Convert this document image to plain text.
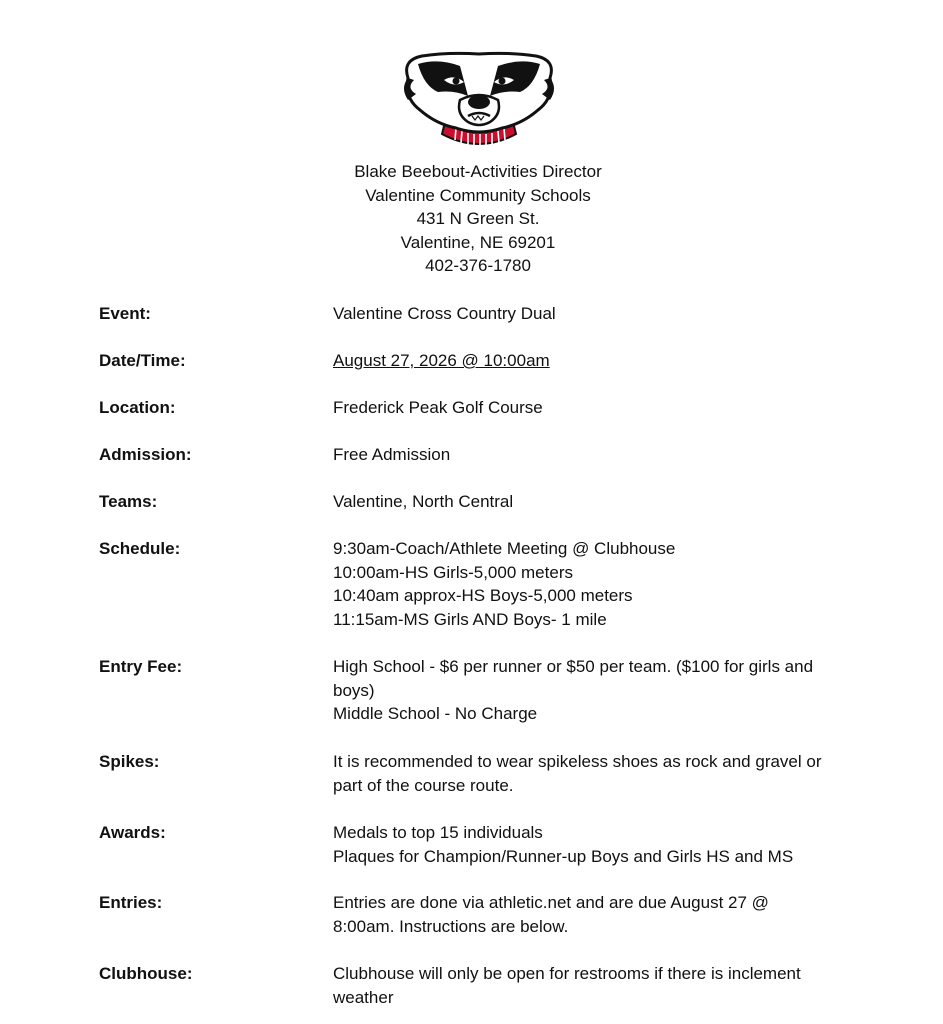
Blake Beebout-Activities Director
Valentine Community Schools
431 N Green St.
Valentine, NE 69201
402-376-1780
Event:	Valentine Cross Country Dual
Date/Time:	August 27, 2026 @ 10:00am
Location:	Frederick Peak Golf Course
Admission:	Free Admission
Teams:	Valentine, North Central
Schedule:	9:30am-Coach/Athlete Meeting @ Clubhouse
10:00am-HS Girls-5,000 meters
10:40am approx-HS Boys-5,000 meters
11:15am-MS Girls AND Boys- 1 mile
Entry Fee:	High School - $6 per runner or $50 per team. ($100 for girls and
boys)
Middle School - No Charge
Spikes:	It is recommended to wear spikeless shoes as rock and gravel or
part of the course route.
Awards:	Medals to top 15 individuals
Plaques for Champion/Runner-up Boys and Girls HS and MS
Entries:	Entries are done via athletic.net and are due August 27 @
8:00am. Instructions are below.
Clubhouse:	Clubhouse will only be open for restrooms if there is inclement
weather
